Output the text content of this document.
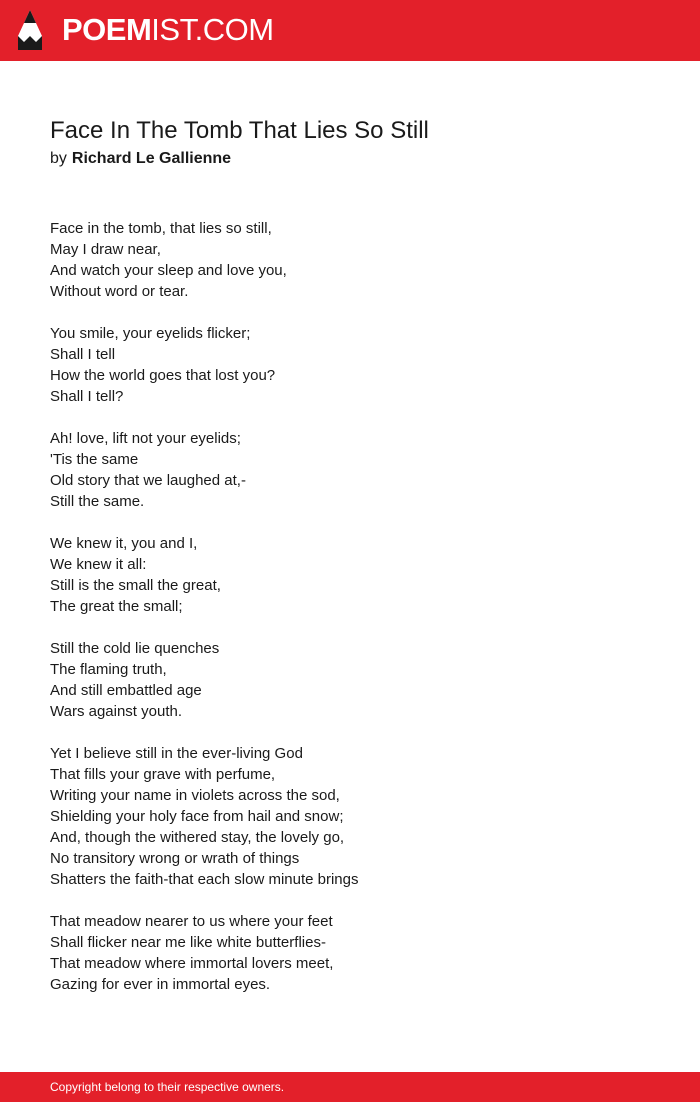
POEMIST.COM
Face In The Tomb That Lies So Still
by Richard Le Gallienne
Face in the tomb, that lies so still,
May I draw near,
And watch your sleep and love you,
Without word or tear.
You smile, your eyelids flicker;
Shall I tell
How the world goes that lost you?
Shall I tell?
Ah! love, lift not your eyelids;
'Tis the same
Old story that we laughed at,-
Still the same.
We knew it, you and I,
We knew it all:
Still is the small the great,
The great the small;
Still the cold lie quenches
The flaming truth,
And still embattled age
Wars against youth.
Yet I believe still in the ever-living God
That fills your grave with perfume,
Writing your name in violets across the sod,
Shielding your holy face from hail and snow;
And, though the withered stay, the lovely go,
No transitory wrong or wrath of things
Shatters the faith-that each slow minute brings
That meadow nearer to us where your feet
Shall flicker near me like white butterflies-
That meadow where immortal lovers meet,
Gazing for ever in immortal eyes.
Copyright belong to their respective owners.
